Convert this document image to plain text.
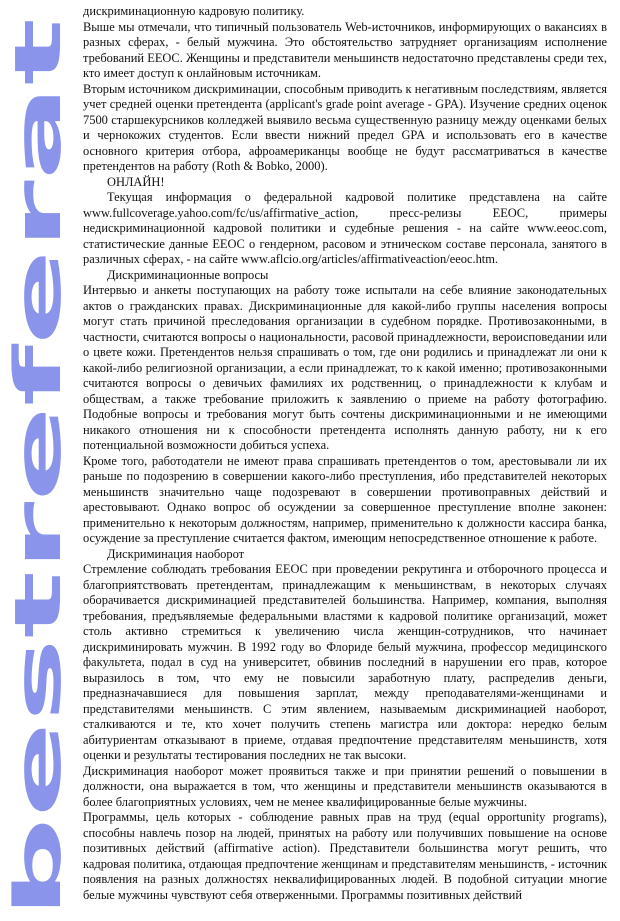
bestreferat

дискриминационную кадровую политику.

Выше мы отмечали, что типичный пользователь Web-источников, информирующих о вакансиях в разных сферах, - белый мужчина. Это обстоятельство затрудняет организациям исполнение требований EEOC. Женщины и представители меньшинств недостаточно представлены среди тех, кто имеет доступ к онлайновым источникам.

Вторым источником дискриминации, способным приводить к негативным последствиям, является учет средней оценки претендента (applicant's grade point average - GPA). Изучение средних оценок 7500 старшекурсников колледжей выявило весьма существенную разницу между оценками белых и чернокожих студентов. Если ввести нижний предел GPA и использовать его в качестве основного критерия отбора, афроамериканцы вообще не будут рассматриваться в качестве претендентов на работу (Roth & Bobko, 2000).

ОНЛАЙН!

Текущая информация о федеральной кадровой политике представлена на сайте www.fullcoverage.yahoo.com/fc/us/affirmative_action, пресс-релизы EEOC, примеры недискриминационной кадровой политики и судебные решения - на сайте www.eeoc.com, статистические данные EEOC о гендерном, расовом и этническом составе персонала, занятого в различных сферах, - на сайте www.aflcio.org/articles/affirmativeaction/eeoc.htm.

Дискриминационные вопросы

Интервью и анкеты поступающих на работу тоже испытали на себе влияние законодательных актов о гражданских правах. Дискриминационные для какой-либо группы населения вопросы могут стать причиной преследования организации в судебном порядке. Противозаконными, в частности, считаются вопросы о национальности, расовой принадлежности, вероисповедании или о цвете кожи. Претендентов нельзя спрашивать о том, где они родились и принадлежат ли они к какой-либо религиозной организации, а если принадлежат, то к какой именно; противозаконными считаются вопросы о девичьих фамилиях их родственниц, о принадлежности к клубам и обществам, а также требование приложить к заявлению о приеме на работу фотографию. Подобные вопросы и требования могут быть сочтены дискриминационными и не имеющими никакого отношения ни к способности претендента исполнять данную работу, ни к его потенциальной возможности добиться успеха.

Кроме того, работодатели не имеют права спрашивать претендентов о том, арестовывали ли их раньше по подозрению в совершении какого-либо преступления, ибо представителей некоторых меньшинств значительно чаще подозревают в совершении противоправных действий и арестовывают. Однако вопрос об осуждении за совершенное преступление вполне законен: применительно к некоторым должностям, например, применительно к должности кассира банка, осуждение за преступление считается фактом, имеющим непосредственное отношение к работе.

Дискриминация наоборот

Стремление соблюдать требования EEOC при проведении рекрутинга и отборочного процесса и благоприятствовать претендентам, принадлежащим к меньшинствам, в некоторых случаях оборачивается дискриминацией представителей большинства. Например, компания, выполняя требования, предъявляемые федеральными властями к кадровой политике организаций, может столь активно стремиться к увеличению числа женщин-сотрудников, что начинает дискриминировать мужчин. В 1992 году во Флориде белый мужчина, профессор медицинского факультета, подал в суд на университет, обвинив последний в нарушении его прав, которое выразилось в том, что ему не повысили заработную плату, распределив деньги, предназначавшиеся для повышения зарплат, между преподавателями-женщинами и представителями меньшинств. С этим явлением, называемым дискриминацией наоборот, сталкиваются и те, кто хочет получить степень магистра или доктора: нередко белым абитуриентам отказывают в приеме, отдавая предпочтение представителям меньшинств, хотя оценки и результаты тестирования последних не так высоки.

Дискриминация наоборот может проявиться также и при принятии решений о повышении в должности, она выражается в том, что женщины и представители меньшинств оказываются в более благоприятных условиях, чем не менее квалифицированные белые мужчины.

Программы, цель которых - соблюдение равных прав на труд (equal opportunity programs), способны навлечь позор на людей, принятых на работу или получивших повышение на основе позитивных действий (affirmative action). Представители большинства могут решить, что кадровая политика, отдающая предпочтение женщинам и представителям меньшинств, - источник появления на разных должностях неквалифицированных людей. В подобной ситуации многие белые мужчины чувствуют себя отверженными. Программы позитивных действий
